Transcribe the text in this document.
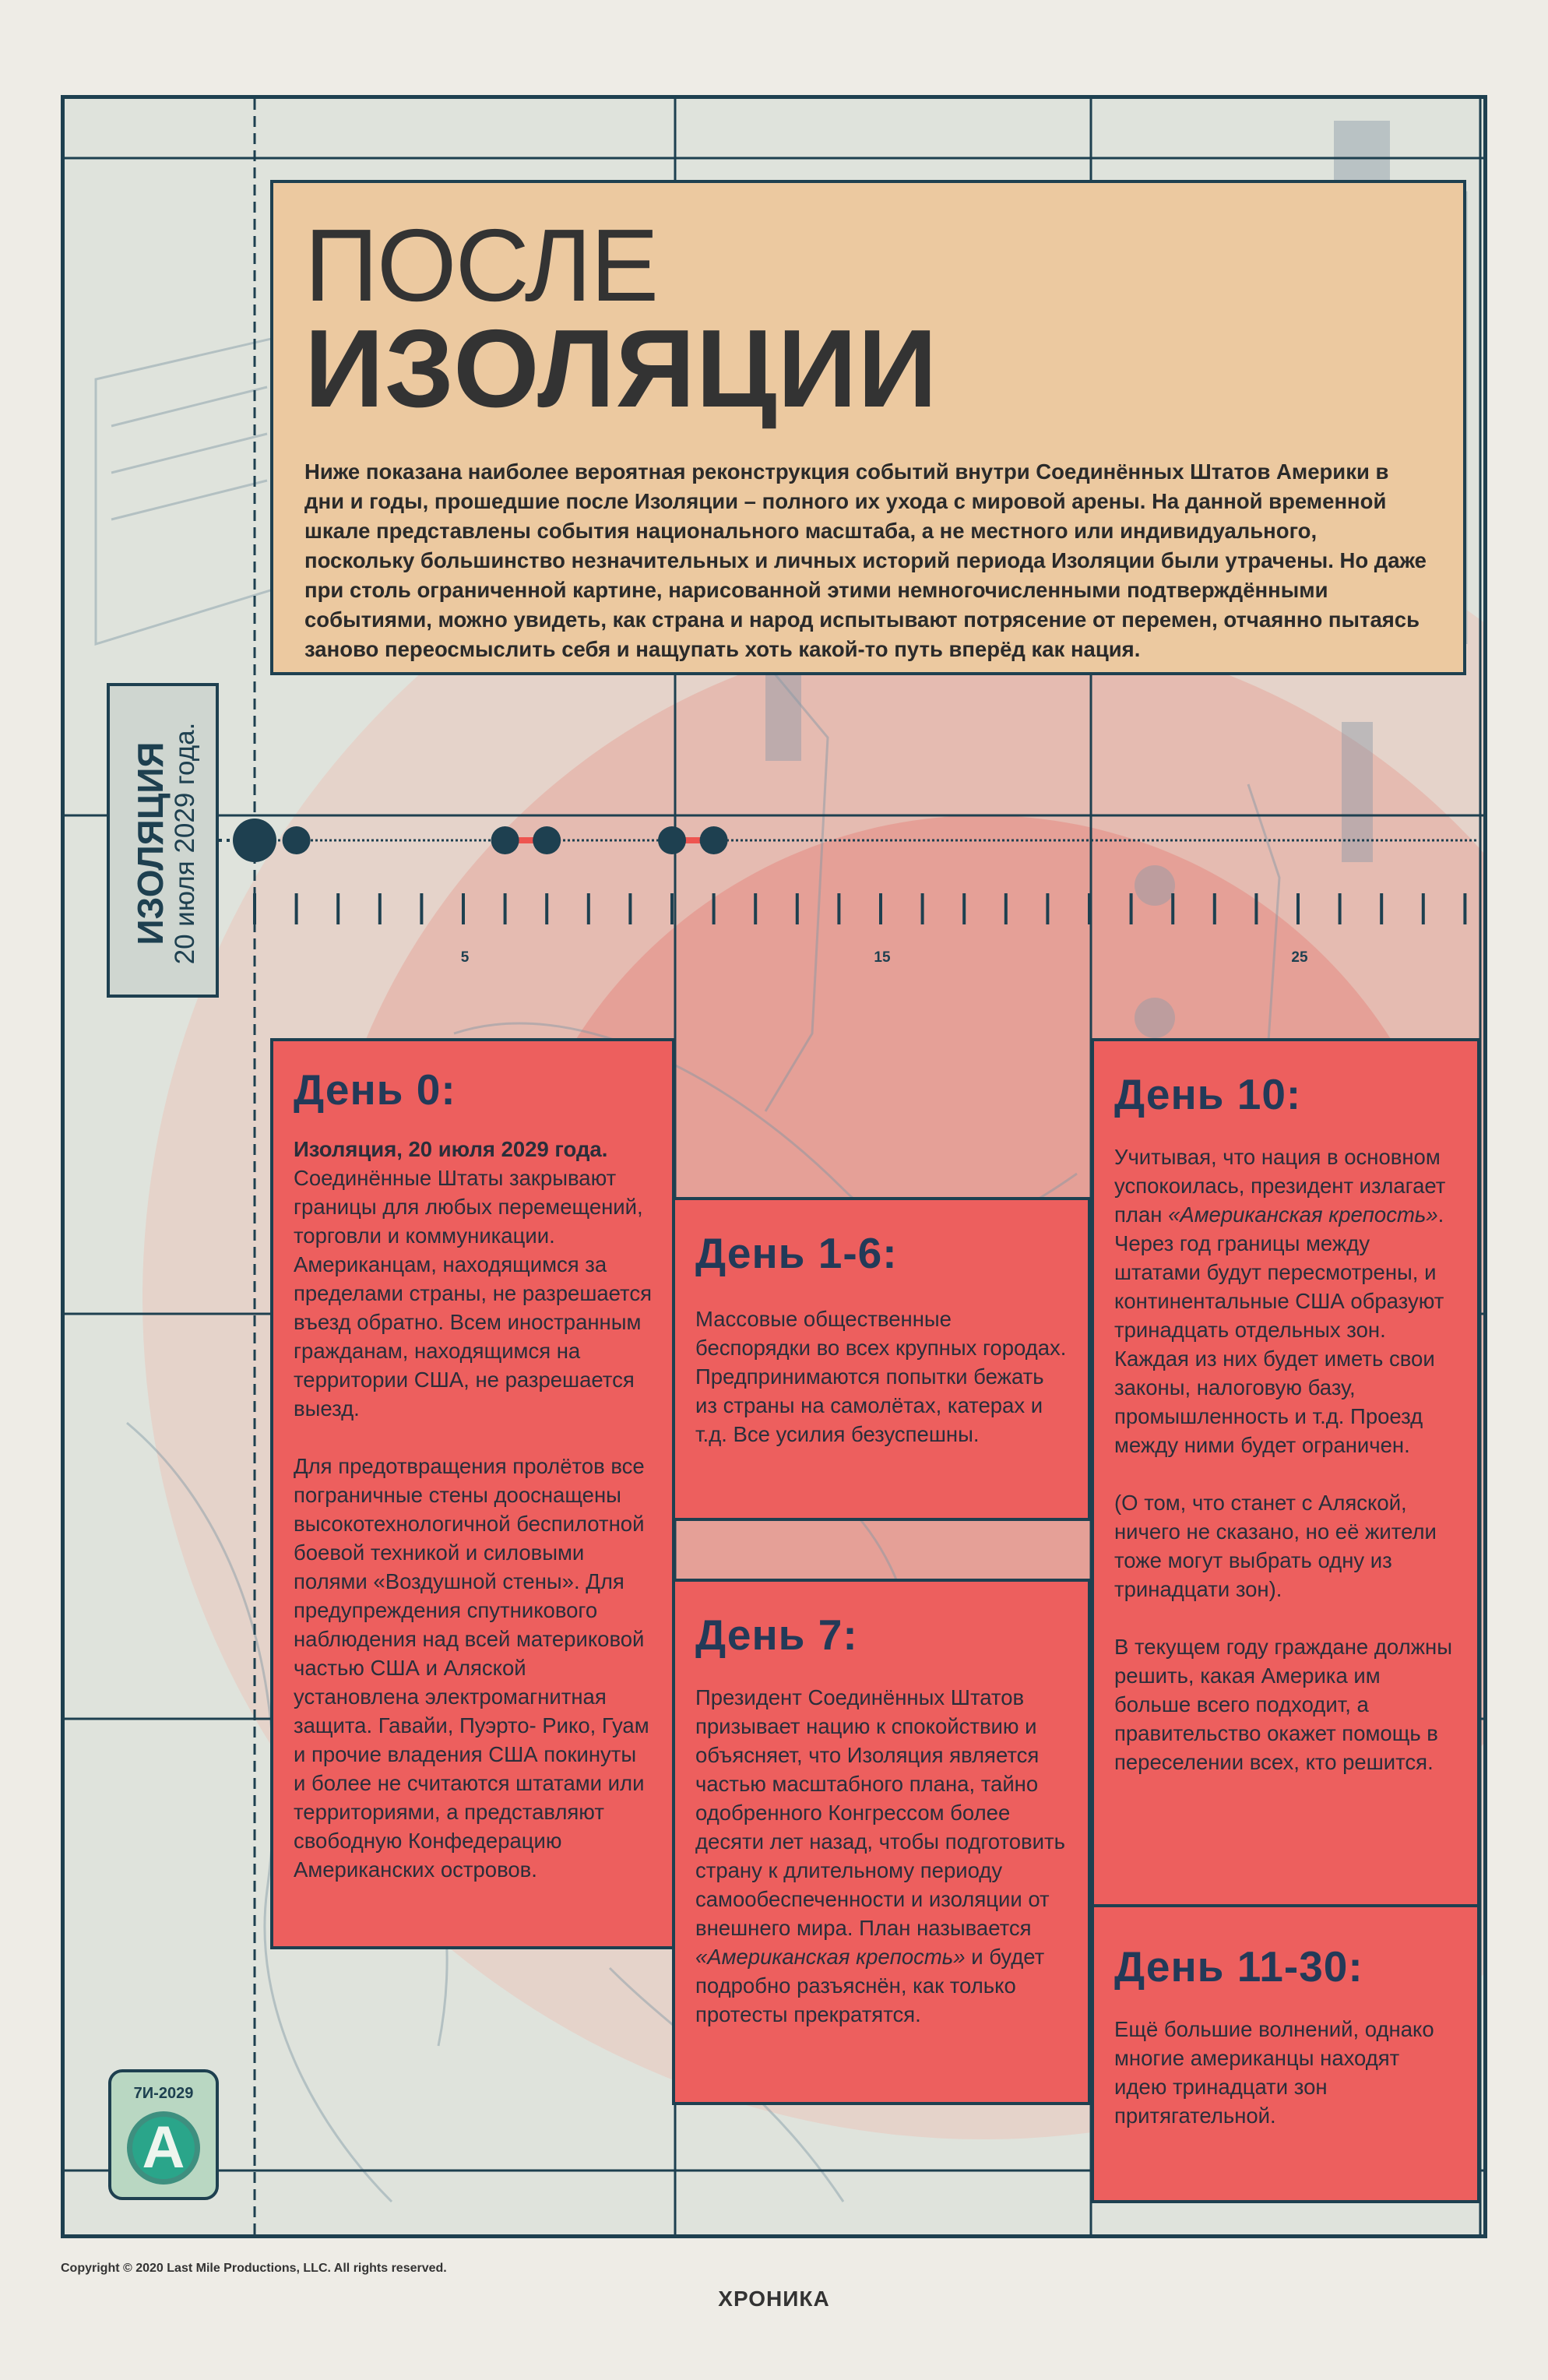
ПОСЛЕ
ИЗОЛЯЦИИ
Ниже показана наиболее вероятная реконструкция событий внутри Соединённых Штатов Америки в дни и годы, прошедшие после Изоляции – полного их ухода с мировой арены. На данной временной шкале представлены события национального масштаба, а не местного или индивидуального, поскольку большинство незначительных и личных историй периода Изоляции были утрачены. Но даже при столь ограниченной картине, нарисованной этими немногочисленными подтверждёнными событиями, можно увидеть, как страна и народ испытывают потрясение от перемен, отчаянно пытаясь заново переосмыслить себя и нащупать хоть какой-то путь вперёд как нация.
ИЗОЛЯЦИЯ 20 июля 2029 года.	5	15	25
День 0:

Изоляция, 20 июля 2029 года. Соединённые Штаты закрывают границы для любых перемещений, торговли и коммуникации. Американцам, находящимся за пределами страны, не разрешается въезд обратно. Всем иностранным гражданам, находящимся на территории США, не разрешается выезд.

Для предотвращения пролётов все пограничные стены дооснащены высокотехнологичной беспилотной боевой техникой и силовыми полями «Воздушной стены». Для предупреждения спутникового наблюдения над всей материковой частью США и Аляской установлена электромагнитная защита. Гавайи, Пуэрто- Рико, Гуам и прочие владения США покинуты и более не считаются штатами или территориями, а представляют свободную Конфедерацию Американских островов.

День 1-6:

Массовые общественные беспорядки во всех крупных городах. Предпринимаются попытки бежать из страны на самолётах, катерах и т.д. Все усилия безуспешны.

День 7:

Президент Соединённых Штатов призывает нацию к спокойствию и объясняет, что Изоляция является частью масштабного плана, тайно одобренного Конгрессом более десяти лет назад, чтобы подготовить страну к длительному периоду самообеспеченности и изоляции от внешнего мира. План называется «Американская крепость» и будет подробно разъяснён, как только протесты прекратятся.

День 10:

Учитывая, что нация в основном успокоилась, президент излагает план «Американская крепость». Через год границы между штатами будут пересмотрены, и континентальные США образуют тринадцать отдельных зон. Каждая из них будет иметь свои законы, налоговую базу, промышленность и т.д. Проезд между ними будет ограничен.

(О том, что станет с Аляской, ничего не сказано, но её жители тоже могут выбрать одну из тринадцати зон).

В текущем году граждане должны решить, какая Америка им больше всего подходит, а правительство окажет помощь в переселении всех, кто решится.

День 11-30:

Ещё большие волнений, однако многие американцы находят идею тринадцати зон притягательной.

7И-2029
A
Copyright © 2020 Last Mile Productions, LLC. All rights reserved.
ХРОНИКА
